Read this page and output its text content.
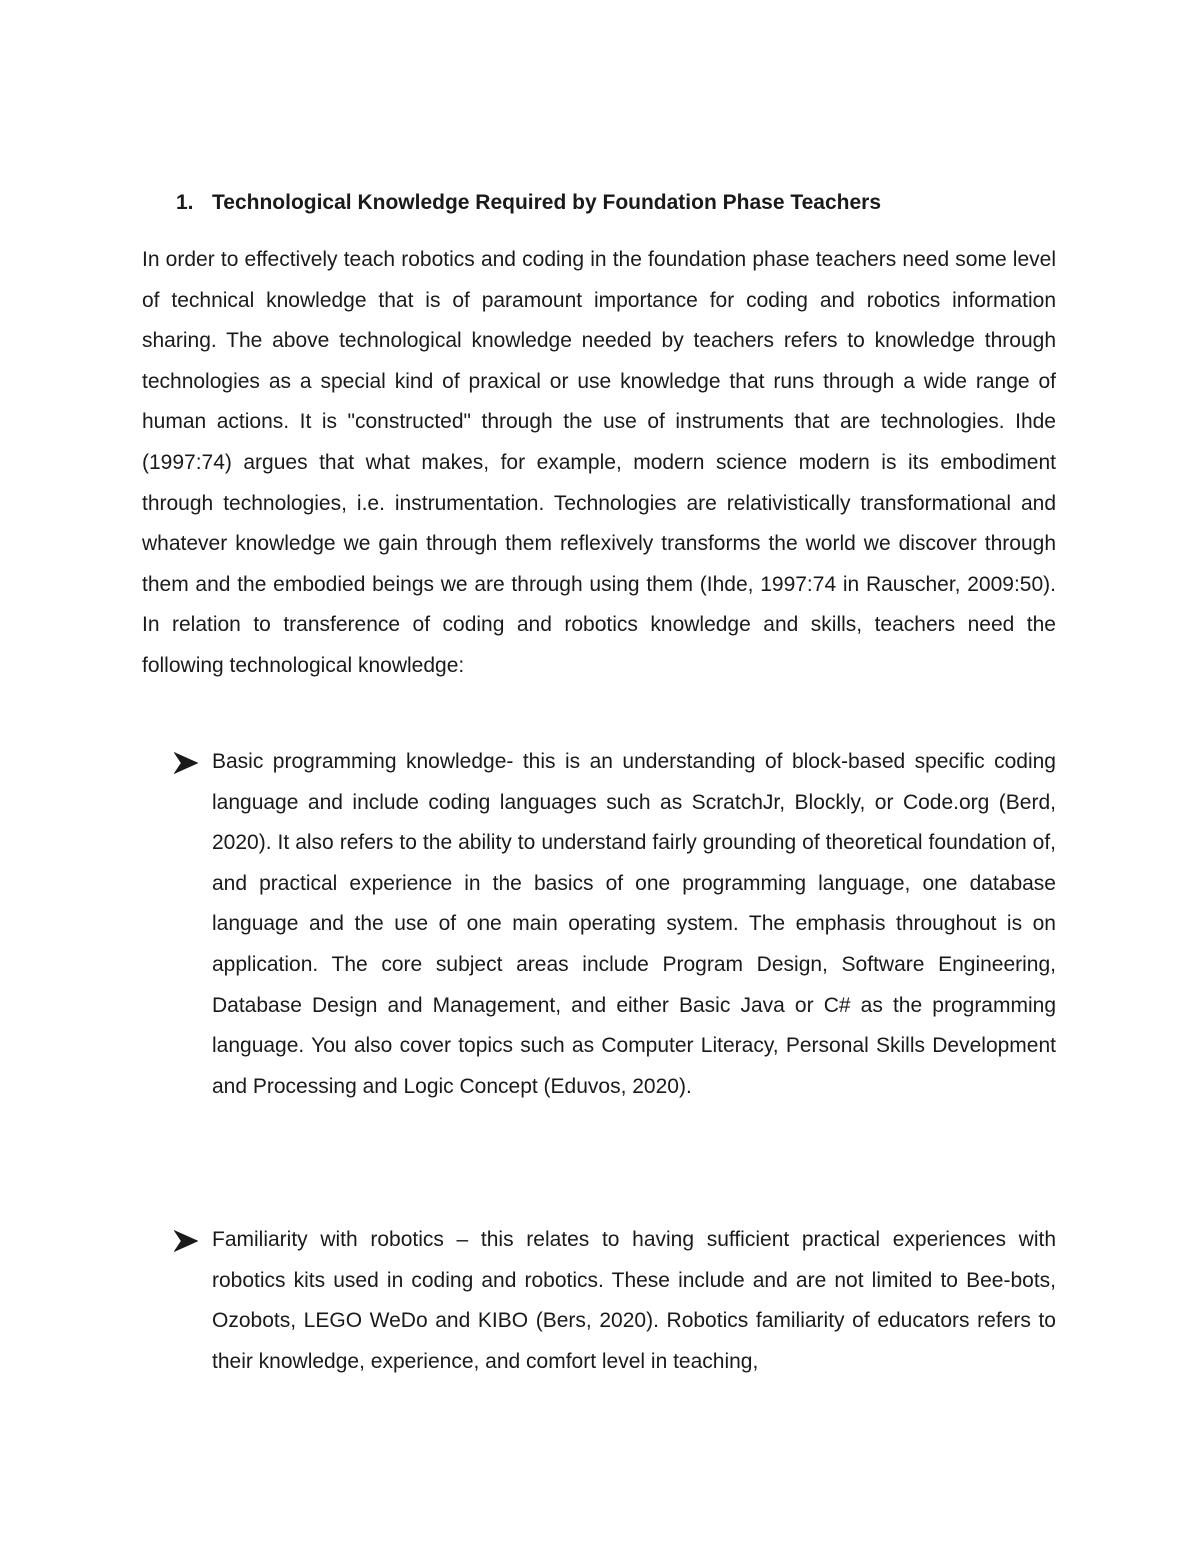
1. Technological Knowledge Required by Foundation Phase Teachers

In order to effectively teach robotics and coding in the foundation phase teachers need some level of technical knowledge that is of paramount importance for coding and robotics information sharing. The above technological knowledge needed by teachers refers to knowledge through technologies as a special kind of praxical or use knowledge that runs through a wide range of human actions. It is "constructed" through the use of instruments that are technologies. Ihde (1997:74) argues that what makes, for example, modern science modern is its embodiment through technologies, i.e. instrumentation. Technologies are relativistically transformational and whatever knowledge we gain through them reflexively transforms the world we discover through them and the embodied beings we are through using them (Ihde, 1997:74 in Rauscher, 2009:50). In relation to transference of coding and robotics knowledge and skills, teachers need the following technological knowledge:

Basic programming knowledge- this is an understanding of block-based specific coding language and include coding languages such as ScratchJr, Blockly, or Code.org (Berd, 2020). It also refers to the ability to understand fairly grounding of theoretical foundation of, and practical experience in the basics of one programming language, one database language and the use of one main operating system. The emphasis throughout is on application. The core subject areas include Program Design, Software Engineering, Database Design and Management, and either Basic Java or C# as the programming language. You also cover topics such as Computer Literacy, Personal Skills Development and Processing and Logic Concept (Eduvos, 2020).

Familiarity with robotics – this relates to having sufficient practical experiences with robotics kits used in coding and robotics. These include and are not limited to Bee-bots, Ozobots, LEGO WeDo and KIBO (Bers, 2020). Robotics familiarity of educators refers to their knowledge, experience, and comfort level in teaching,
